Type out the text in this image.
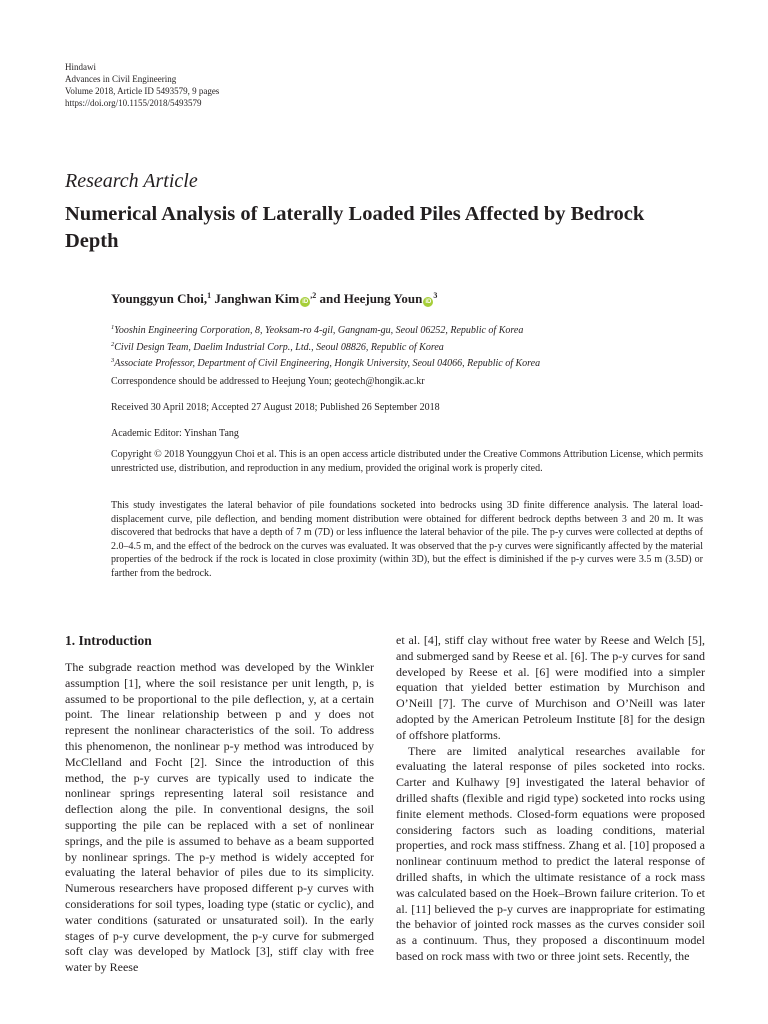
Hindawi
Advances in Civil Engineering
Volume 2018, Article ID 5493579, 9 pages
https://doi.org/10.1155/2018/5493579
Research Article
Numerical Analysis of Laterally Loaded Piles Affected by Bedrock Depth
Younggyun Choi,$^1$ Janghwan Kim $iD^{,2}$ and Heejung Youn $iD^3$
$^1$Yooshin Engineering Corporation, 8, Yeoksam-ro 4-gil, Gangnam-gu, Seoul 06252, Republic of Korea
$^2$Civil Design Team, Daelim Industrial Corp., Ltd., Seoul 08826, Republic of Korea
$^3$Associate Professor, Department of Civil Engineering, Hongik University, Seoul 04066, Republic of Korea
Correspondence should be addressed to Heejung Youn; geotech@hongik.ac.kr
Received 30 April 2018; Accepted 27 August 2018; Published 26 September 2018
Academic Editor: Yinshan Tang
Copyright © 2018 Younggyun Choi et al. This is an open access article distributed under the Creative Commons Attribution License, which permits unrestricted use, distribution, and reproduction in any medium, provided the original work is properly cited.
This study investigates the lateral behavior of pile foundations socketed into bedrocks using 3D finite difference analysis. The lateral load-displacement curve, pile deflection, and bending moment distribution were obtained for different bedrock depths between 3 and 20 m. It was discovered that bedrocks that have a depth of 7 m (7D) or less influence the lateral behavior of the pile. The p-y curves were collected at depths of 2.0–4.5 m, and the effect of the bedrock on the curves was evaluated. It was observed that the p-y curves were significantly affected by the material properties of the bedrock if the rock is located in close proximity (within 3D), but the effect is diminished if the p-y curves were 3.5 m (3.5D) or farther from the bedrock.
1. Introduction

The subgrade reaction method was developed by the Winkler assumption [1], where the soil resistance per unit length, p, is assumed to be proportional to the pile deflection, y, at a certain point. The linear relationship between p and y does not represent the nonlinear characteristics of the soil. To address this phenomenon, the nonlinear p-y method was introduced by McClelland and Focht [2]. Since the introduction of this method, the p-y curves are typically used to indicate the nonlinear springs representing lateral soil resistance and deflection along the pile. In conventional designs, the soil supporting the pile can be replaced with a set of nonlinear springs, and the pile is assumed to behave as a beam supported by nonlinear springs. The p-y method is widely accepted for evaluating the lateral behavior of piles due to its simplicity. Numerous researchers have proposed different p-y curves with considerations for soil types, loading type (static or cyclic), and water conditions (saturated or unsaturated soil). In the early stages of p-y curve development, the p-y curve for submerged soft clay was developed by Matlock [3], stiff clay with free water by Reese

et al. [4], stiff clay without free water by Reese and Welch [5], and submerged sand by Reese et al. [6]. The p-y curves for sand developed by Reese et al. [6] were modified into a simpler equation that yielded better estimation by Murchison and O’Neill [7]. The curve of Murchison and O’Neill was later adopted by the American Petroleum Institute [8] for the design of offshore platforms.

There are limited analytical researches available for evaluating the lateral response of piles socketed into rocks. Carter and Kulhawy [9] investigated the lateral behavior of drilled shafts (flexible and rigid type) socketed into rocks using finite element methods. Closed-form equations were proposed considering factors such as loading conditions, material properties, and rock mass stiffness. Zhang et al. [10] proposed a nonlinear continuum method to predict the lateral response of drilled shafts, in which the ultimate resistance of a rock mass was calculated based on the Hoek–Brown failure criterion. To et al. [11] believed the p-y curves are inappropriate for estimating the behavior of jointed rock masses as the curves consider soil as a continuum. Thus, they proposed a discontinuum model based on rock mass with two or three joint sets. Recently, the
